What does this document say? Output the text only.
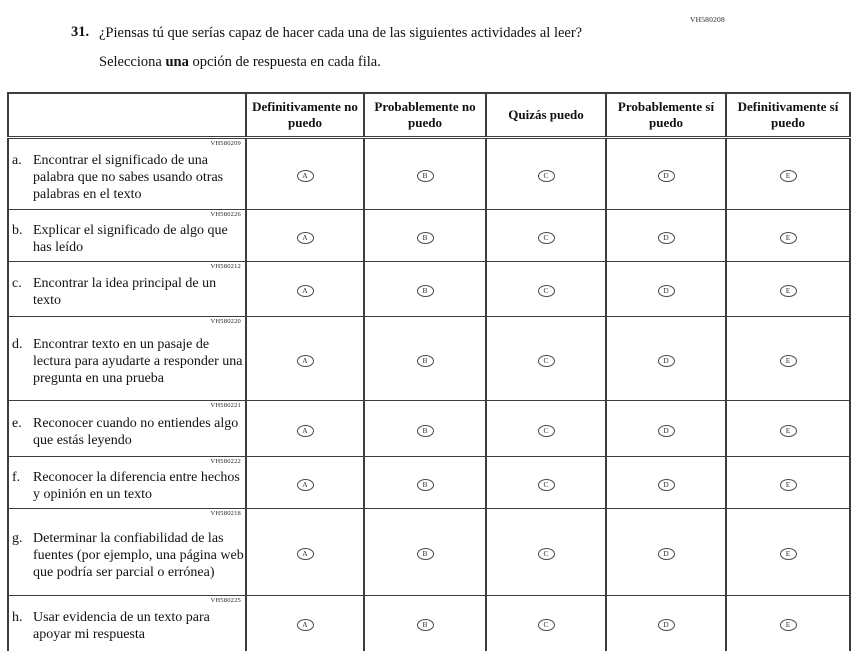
VH580208
31. ¿Piensas tú que serías capaz de hacer cada una de las siguientes actividades al leer?

Selecciona una opción de respuesta en cada fila.

	Definitivamente no puedo	Probablemente no puedo	Quizás puedo	Probablemente sí puedo	Definitivamente sí puedo

VH580209
a. Encontrar el significado de una palabra que no sabes usando otras palabras en el texto	A	B	C	D	E

VH580226
b. Explicar el significado de algo que has leído	A	B	C	D	E

VH580212
c. Encontrar la idea principal de un texto	A	B	C	D	E

VH580220
d. Encontrar texto en un pasaje de lectura para ayudarte a responder una pregunta en una prueba	A	B	C	D	E

VH580221
e. Reconocer cuando no entiendes algo que estás leyendo	A	B	C	D	E

VH580222
f. Reconocer la diferencia entre hechos y opinión en un texto	A	B	C	D	E

VH580218
g. Determinar la confiabilidad de las fuentes (por ejemplo, una página web que podría ser parcial o errónea)	A	B	C	D	E

VH580225
h. Usar evidencia de un texto para apoyar mi respuesta	A	B	C	D	E
